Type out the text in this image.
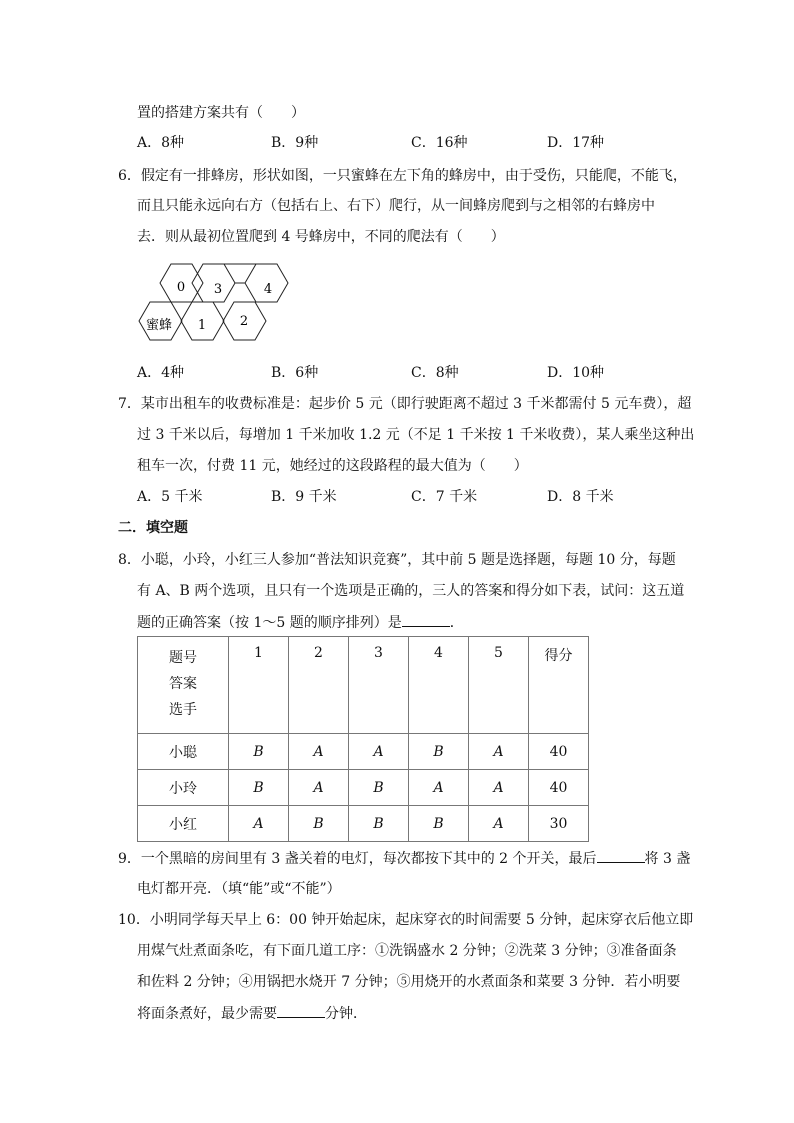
置的搭建方案共有（　　）
A．8种	B．9种	C．16种	D．17种
6．假定有一排蜂房，形状如图，一只蜜蜂在左下角的蜂房中，由于受伤，只能爬，不能飞，
而且只能永远向右方（包括右上、右下）爬行，从一间蜂房爬到与之相邻的右蜂房中
去．则从最初位置爬到 4 号蜂房中，不同的爬法有（　　）
0 3	4
蜜蜂 1	2
A．4种	B．6种	C．8种	D．10种
7．某市出租车的收费标准是：起步价 5 元（即行驶距离不超过 3 千米都需付 5 元车费），超
过 3 千米以后，每增加 1 千米加收 1.2 元（不足 1 千米按 1 千米收费），某人乘坐这种出
租车一次，付费 11 元，她经过的这段路程的最大值为（　　）
A．5 千米	B．9 千米	C．7 千米	D．8 千米
二．填空题
8．小聪，小玲，小红三人参加“普法知识竞赛”，其中前 5 题是选择题，每题 10 分，每题
有 A、B 两个选项，且只有一个选项是正确的，三人的答案和得分如下表，试问：这五道
题的正确答案（按 1～5 题的顺序排列）是	．
题号
答案
选手	1	2	3	4	5	得分

小聪	B	A	A	B	A	40
小玲	B	A	B	A	A	40
小红	A	B	B	B	A	30
9．一个黑暗的房间里有 3 盏关着的电灯，每次都按下其中的 2 个开关，最后	将 3 盏
电灯都开亮．（填“能”或“不能”）
10．小明同学每天早上 6：00 钟开始起床，起床穿衣的时间需要 5 分钟，起床穿衣后他立即
用煤气灶煮面条吃，有下面几道工序：①洗锅盛水 2 分钟；②洗菜 3 分钟；③准备面条
和佐料 2 分钟；④用锅把水烧开 7 分钟；⑤用烧开的水煮面条和菜要 3 分钟．若小明要
将面条煮好，最少需要	分钟．
